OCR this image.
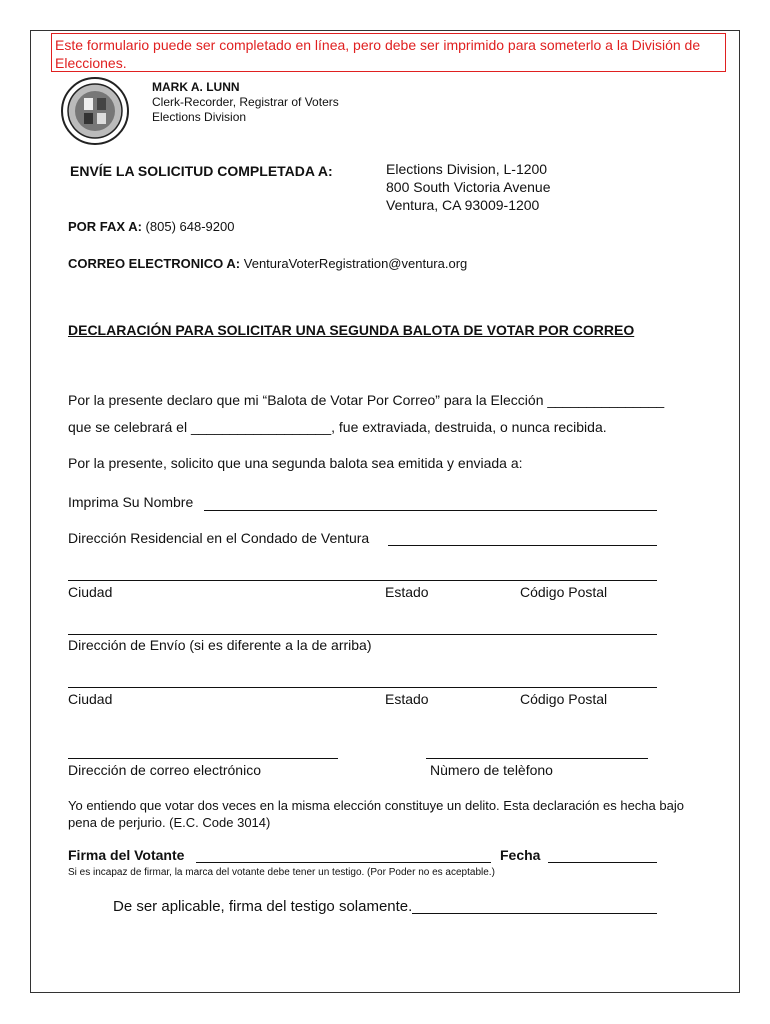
Este formulario puede ser completado en línea, pero debe ser imprimido para someterlo a la División de Elecciones.
MARK A. LUNN
Clerk-Recorder, Registrar of Voters
Elections Division
ENVÍE LA SOLICITUD COMPLETADA A:	Elections Division, L-1200
800 South Victoria Avenue
Ventura, CA 93009-1200
POR FAX A: (805) 648-9200
CORREO ELECTRONICO A: VenturaVoterRegistration@ventura.org
DECLARACIÓN PARA SOLICITAR UNA SEGUNDA BALOTA DE VOTAR POR CORREO
Por la presente declaro que mi “Balota de Votar Por Correo” para la Elección _______________
que se celebrará el __________________, fue extraviada, destruida, o nunca recibida.
Por la presente, solicito que una segunda balota sea emitida y enviada a:
Imprima Su Nombre
Dirección Residencial en el Condado de Ventura
Ciudad	Estado	Código Postal
Dirección de Envío (si es diferente a la de arriba)
Ciudad	Estado	Código Postal
Dirección de correo electrónico	Nùmero de telèfono
Yo entiendo que votar dos veces en la misma elección constituye un delito. Esta declaración es hecha bajo pena de perjurio. (E.C. Code 3014)
Firma del Votante	Fecha
Si es incapaz de firmar, la marca del votante debe tener un testigo. (Por Poder no es aceptable.)
De ser aplicable, firma del testigo solamente.
